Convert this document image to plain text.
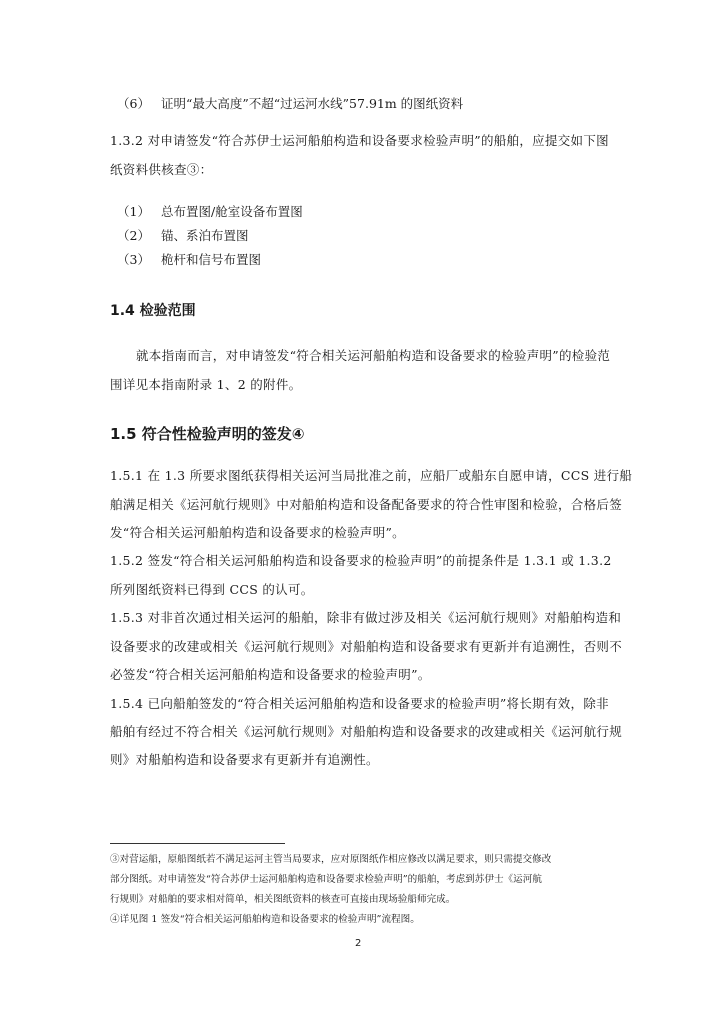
（6） 证明“最大高度”不超“过运河水线”57.91m 的图纸资料
1.3.2 对申请签发“符合苏伊士运河船舶构造和设备要求检验声明”的船舶，应提交如下图
纸资料供核查③：
（1） 总布置图/舱室设备布置图
（2） 锚、系泊布置图
（3） 桅杆和信号布置图
1.4 检验范围
就本指南而言，对申请签发“符合相关运河船舶构造和设备要求的检验声明”的检验范
围详见本指南附录 1、2 的附件。
1.5 符合性检验声明的签发④
1.5.1 在 1.3 所要求图纸获得相关运河当局批准之前，应船厂或船东自愿申请，CCS 进行船
舶满足相关《运河航行规则》中对船舶构造和设备配备要求的符合性审图和检验，合格后签
发“符合相关运河船舶构造和设备要求的检验声明”。
1.5.2 签发“符合相关运河船舶构造和设备要求的检验声明”的前提条件是 1.3.1 或 1.3.2
所列图纸资料已得到 CCS 的认可。
1.5.3 对非首次通过相关运河的船舶，除非有做过涉及相关《运河航行规则》对船舶构造和
设备要求的改建或相关《运河航行规则》对船舶构造和设备要求有更新并有追溯性，否则不
必签发“符合相关运河船舶构造和设备要求的检验声明”。
1.5.4 已向船舶签发的“符合相关运河船舶构造和设备要求的检验声明”将长期有效，除非
船舶有经过不符合相关《运河航行规则》对船舶构造和设备要求的改建或相关《运河航行规
则》对船舶构造和设备要求有更新并有追溯性。
③对营运船，原船图纸若不满足运河主管当局要求，应对原图纸作相应修改以满足要求，则只需提交修改
部分图纸。对申请签发“符合苏伊士运河船舶构造和设备要求检验声明”的船舶，考虑到苏伊士《运河航
行规则》对船舶的要求相对简单，相关图纸资料的核查可直接由现场验船师完成。
④详见图 1 签发“符合相关运河船舶构造和设备要求的检验声明”流程图。
2
